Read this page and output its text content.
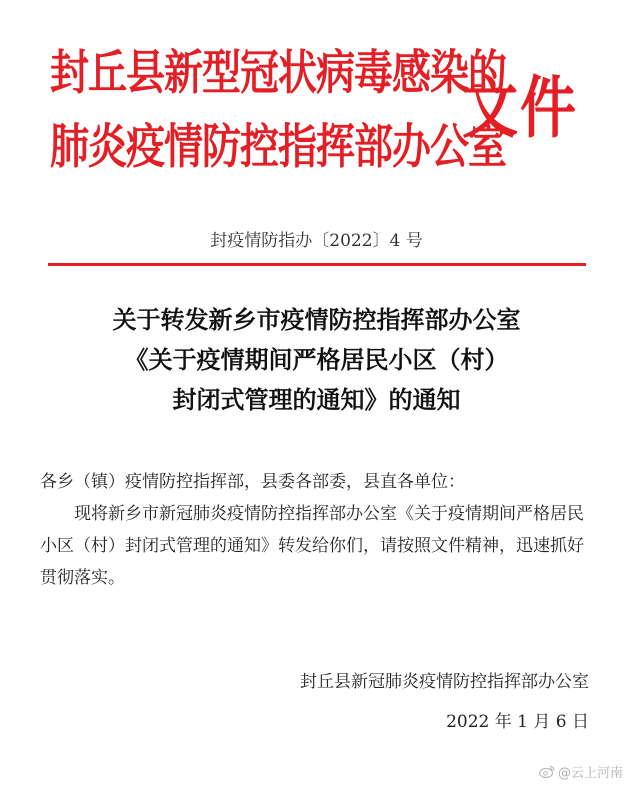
封丘县新型冠状病毒感染的
肺炎疫情防控指挥部办公室
文件
封疫情防指办〔2022〕4 号
关于转发新乡市疫情防控指挥部办公室
《关于疫情期间严格居民小区（村）
封闭式管理的通知》的通知
各乡（镇）疫情防控指挥部，县委各部委，县直各单位：
现将新乡市新冠肺炎疫情防控指挥部办公室《关于疫情期间严格居民小区（村）封闭式管理的通知》转发给你们，请按照文件精神，迅速抓好贯彻落实。
封丘县新冠肺炎疫情防控指挥部办公室
2022 年 1 月 6 日
@云上河南
